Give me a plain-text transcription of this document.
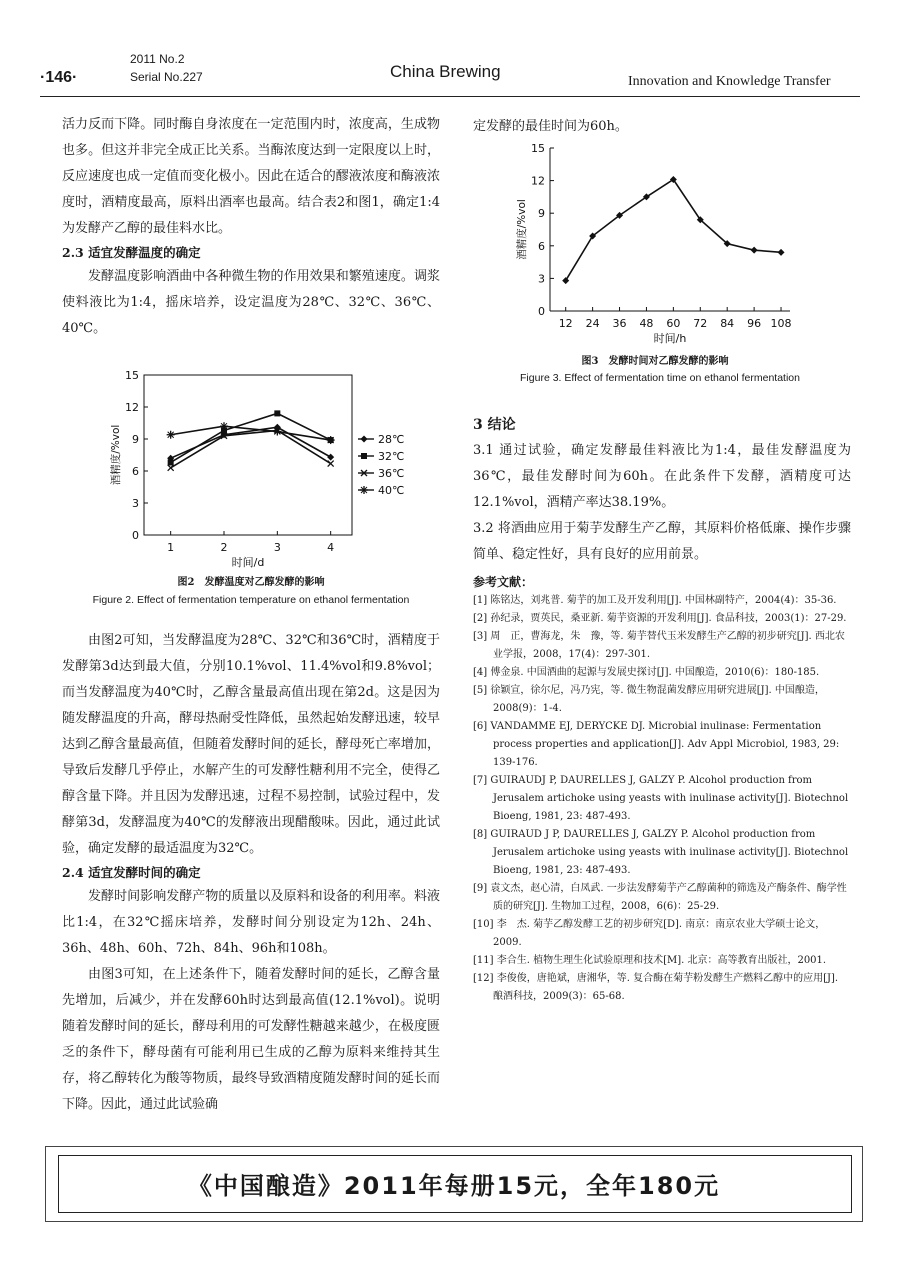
2011 No.2
Serial No.227
·146·	China Brewing
Innovation and Knowledge Transfer

活力反而下降。同时酶自身浓度在一定范围内时，浓度高，生成物也多。但这并非完全成正比关系。当酶浓度达到一定限度以上时，反应速度也成一定值而变化极小。因此在适合的醪液浓度和酶液浓度时，酒精度最高，原料出酒率也最高。结合表2和图1，确定1:4为发酵产乙醇的最佳料水比。

2.3 适宜发酵温度的确定

发酵温度影响酒曲中各种微生物的作用效果和繁殖速度。调浆使料液比为1:4，摇床培养，设定温度为28℃、32℃、36℃、40℃。

0
3
6
9
12
15
1	2	3	4
时间/d
酒精度/%vol	28℃
32℃
36℃
40℃
图2　发酵温度对乙醇发酵的影响
Figure 2. Effect of fermentation temperature on ethanol fermentation

由图2可知，当发酵温度为28℃、32℃和36℃时，酒精度于发酵第3d达到最大值，分别10.1%vol、11.4%vol和9.8%vol；而当发酵温度为40℃时，乙醇含量最高值出现在第2d。这是因为随发酵温度的升高，酵母热耐受性降低，虽然起始发酵迅速，较早达到乙醇含量最高值，但随着发酵时间的延长，酵母死亡率增加，导致后发酵几乎停止，水解产生的可发酵性糖利用不完全，使得乙醇含量下降。并且因为发酵迅速，过程不易控制，试验过程中，发酵第3d，发酵温度为40℃的发酵液出现醋酸味。因此，通过此试验，确定发酵的最适温度为32℃。

2.4 适宜发酵时间的确定

发酵时间影响发酵产物的质量以及原料和设备的利用率。料液比1:4，在32℃摇床培养，发酵时间分别设定为12h、24h、36h、48h、60h、72h、84h、96h和108h。

由图3可知，在上述条件下，随着发酵时间的延长，乙醇含量先增加，后减少，并在发酵60h时达到最高值(12.1%vol)。说明随着发酵时间的延长，酵母利用的可发酵性糖越来越少，在极度匮乏的条件下，酵母菌有可能利用已生成的乙醇为原料来维持其生存，将乙醇转化为酸等物质，最终导致酒精度随发酵时间的延长而下降。因此，通过此试验确

定发酵的最佳时间为60h。
0
3
6
9
12
15
12 24 36 48 60 72 84 96 108
时间/h
酒精度/%vol
图3　发酵时间对乙醇发酵的影响
Figure 3. Effect of fermentation time on ethanol fermentation
3 结论

3.1 通过试验，确定发酵最佳料液比为1:4，最佳发酵温度为36℃，最佳发酵时间为60h。在此条件下发酵，酒精度可达12.1%vol，酒精产率达38.19%。

3.2 将酒曲应用于菊芋发酵生产乙醇，其原料价格低廉、操作步骤简单、稳定性好，具有良好的应用前景。

参考文献：

[1] 陈铭达，刘兆普. 菊芋的加工及开发利用[J]. 中国林副特产，2004(4)：35-36.

[2] 孙纪录，贾英民，桑亚新. 菊芋资源的开发利用[J]. 食品科技，2003(1)：27-29.

[3] 周　正，曹海龙，朱　豫，等. 菊芋替代玉米发酵生产乙醇的初步研究[J]. 西北农业学报，2008，17(4)：297-301.

[4] 傅金泉. 中国酒曲的起源与发展史探讨[J]. 中国酿造，2010(6)：180-185.

[5] 徐颖宣，徐尔尼，冯乃宪，等. 微生物混菌发酵应用研究进展[J]. 中国酿造，2008(9)：1-4.

[6] VANDAMME EJ, DERYCKE DJ. Microbial inulinase: Fermentation process properties and application[J]. Adv Appl Microbiol, 1983, 29: 139-176.

[7] GUIRAUDJ P, DAURELLES J, GALZY P. Alcohol production from Jerusalem artichoke using yeasts with inulinase activity[J]. Biotechnol Bioeng, 1981, 23: 487-493.

[8] GUIRAUD J P, DAURELLES J, GALZY P. Alcohol production from Jerusalem artichoke using yeasts with inulinase activity[J]. Biotechnol Bioeng, 1981, 23: 487-493.

[9] 袁文杰，赵心清，白凤武. 一步法发酵菊芋产乙醇菌种的筛选及产酶条件、酶学性质的研究[J]. 生物加工过程，2008，6(6)：25-29.

[10] 李　杰. 菊芋乙醇发酵工艺的初步研究[D]. 南京：南京农业大学硕士论文，2009.

[11] 李合生. 植物生理生化试验原理和技术[M]. 北京：高等教育出版社，2001.

[12] 李俊俊，唐艳斌，唐湘华，等. 复合酶在菊芋粉发酵生产燃料乙醇中的应用[J]. 酿酒科技，2009(3)：65-68.

《中国酿造》2011年每册15元，全年180元
